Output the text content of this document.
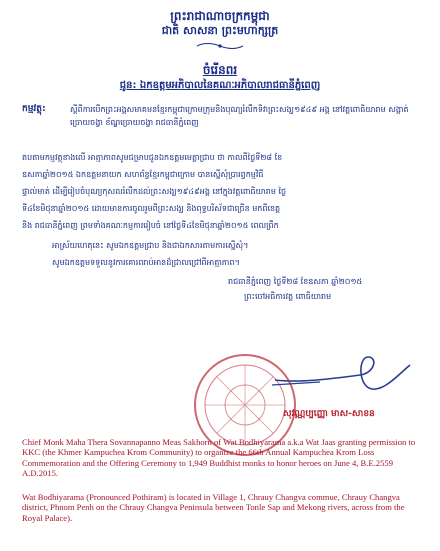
ព្រះរាជាណាចក្រកម្ពុជា
ជាតិ សាសនា ព្រះមហាក្សត្រ
ចំរើនពរ
ជូន: ឯកឧត្តមអភិបាលនៃគណៈអភិបាលរាជធានីភ្នំពេញ
កម្មវត្ថុ:	ស្តីពីការបើកព្រះអង្គសមាគមនខ្មែរកម្ពុជាក្រោមក្រុមនិងបុណ្យរំលឹកទិវាព្រះសង្ឃ១៩៤៩ អង្គ នៅវត្តពោធិយារាម សង្កាត់ ច្រោយចង្វា ខ័ណ្ឌច្រោយចង្វា រាជធានីភ្នំពេញ
តបតាមកម្មវត្ថុខាងលើ អាត្មាភាពសូមជម្រាបជូនឯកឧត្តមមេត្តាជ្រាប ថា កាលពីថ្ងៃទី២៨ ខែ
ឧសភាឆ្នាំ២០១៥ ឯកឧត្តមនាយក សហព័ន្ធខ្មែរកម្ពុជាក្រោម បានស្នើសុំប្រារព្ធកម្មវិធី
ផ្ទាល់មាត់ ដើម្បីរៀបចំបុណ្យកុសលរំលឹកដល់ព្រះសង្ឃ១៩៤៩អង្គ នៅក្នុងវត្តពោធិយារាម ថ្ងៃ
ទី៤ខែមិថុនាឆ្នាំ២០១៥ ដោយមានការចូលរួមពីព្រះសង្ឃ និងពុទ្ធបរិស័ទជាច្រើន មកពីខេត្ត
និង រាជធានីភ្នំពេញ ព្រមទាំងគណៈកម្មការរៀបចំ នៅថ្ងៃទី៤ខែមិថុនាឆ្នាំ២០១៥ ពេលព្រឹក
អាស្រ័យហេតុនេះ សូមឯកឧត្តមជ្រាប និងជាឯកសារតាមការស្នើសុំ។
សូមឯកឧត្តមទទួលនូវការគោរពរាប់អានដ៏ជ្រាលជ្រៅពីអាត្មាភាព។
រាជធានីភ្នំពេញ ថ្ងៃទី២៨ ខែឧសភា ឆ្នាំ២០១៥
ព្រះចៅអធិការវត្ត ពោធិយារាម
សុវណ្ណប្បញ្ញោ មាស-សាខន
Chief Monk Maha Thera Sovannapanno Meas Sakhorn of Wat Bodhiyarama a.k.a Wat Jaas granting permission to KKC (the Khmer Kampuchea Krom Community) to organize the 66th Annual Kampuchea Krom Loss Commemoration and the Offering Ceremony to 1,949 Buddhist monks to honor heroes on June 4, B.E.2559 A.D.2015.
Wat Bodhiyarama (Pronounced Pothiram) is located in Village 1, Chrauy Changva commue, Chrauy Changva district, Phnom Penh on the Chrauy Changva Peninsula between Tonle Sap and Mekong rivers, across from the Royal Palace).
